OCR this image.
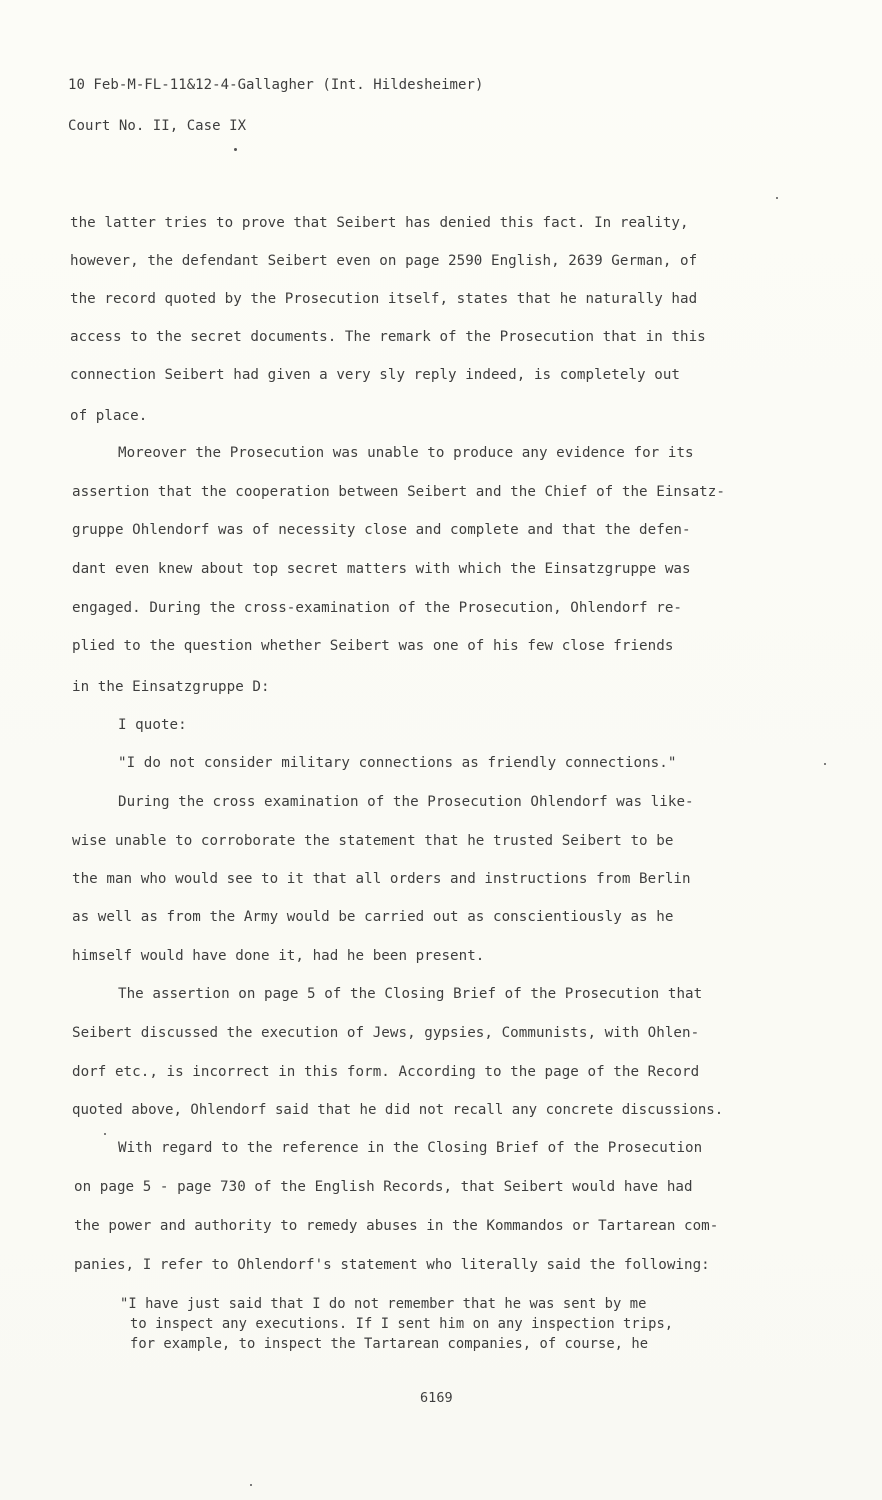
10 Feb-M-FL-11&12-4-Gallagher (Int. Hildesheimer)
Court No. II, Case IX
the latter tries to prove that Seibert has denied this fact. In reality,
however, the defendant Seibert even on page 2590 English, 2639 German, of
the record quoted by the Prosecution itself, states that he naturally had
access to the secret documents. The remark of the Prosecution that in this
connection Seibert had given a very sly reply indeed, is completely out
of place.
Moreover the Prosecution was unable to produce any evidence for its
assertion that the cooperation between Seibert and the Chief of the Einsatz-
gruppe Ohlendorf was of necessity close and complete and that the defen-
dant even knew about top secret matters with which the Einsatzgruppe was
engaged. During the cross-examination of the Prosecution, Ohlendorf re-
plied to the question whether Seibert was one of his few close friends
in the Einsatzgruppe D:
I quote:
"I do not consider military connections as friendly connections."
During the cross examination of the Prosecution Ohlendorf was like-
wise unable to corroborate the statement that he trusted Seibert to be
the man who would see to it that all orders and instructions from Berlin
as well as from the Army would be carried out as conscientiously as he
himself would have done it, had he been present.
The assertion on page 5 of the Closing Brief of the Prosecution that
Seibert discussed the execution of Jews, gypsies, Communists, with Ohlen-
dorf etc., is incorrect in this form. According to the page of the Record
quoted above, Ohlendorf said that he did not recall any concrete discussions.
With regard to the reference in the Closing Brief of the Prosecution
on page 5 - page 730 of the English Records, that Seibert would have had
the power and authority to remedy abuses in the Kommandos or Tartarean com-
panies, I refer to Ohlendorf's statement who literally said the following:
"I have just said that I do not remember that he was sent by me
to inspect any executions. If I sent him on any inspection trips,
for example, to inspect the Tartarean companies, of course, he
6169
